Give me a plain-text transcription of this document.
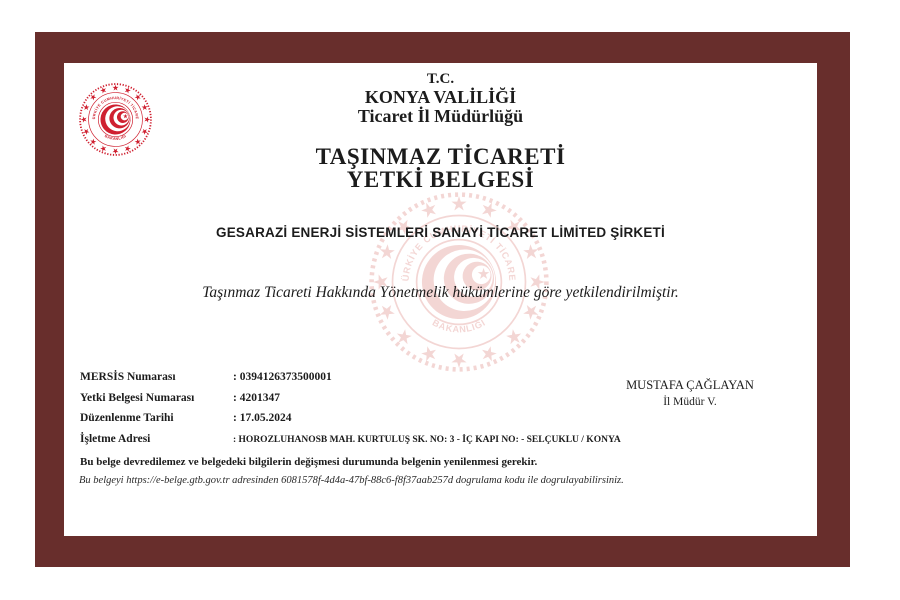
T.C.
KONYA VALİLİĞİ
Ticaret İl Müdürlüğü
TAŞINMAZ TİCARETİ
YETKİ BELGESİ
GESARAZİ ENERJİ SİSTEMLERİ SANAYİ TİCARET LİMİTED ŞİRKETİ
Taşınmaz Ticareti Hakkında Yönetmelik hükümlerine göre yetkilendirilmiştir.
MERSİS Numarası	: 0394126373500001
Yetki Belgesi Numarası	: 4201347
Düzenlenme Tarihi	: 17.05.2024
İşletme Adresi	: HOROZLUHANOSB MAH. KURTULUŞ SK. NO: 3 - İÇ KAPI NO: - SELÇUKLU / KONYA
MUSTAFA ÇAĞLAYAN
İl Müdür V.
Bu belge devredilemez ve belgedeki bilgilerin değişmesi durumunda belgenin yenilenmesi gerekir.
Bu belgeyi https://e-belge.gtb.gov.tr adresinden 6081578f-4d4a-47bf-88c6-f8f37aab257d dogrulama kodu ile dogrulayabilirsiniz.
